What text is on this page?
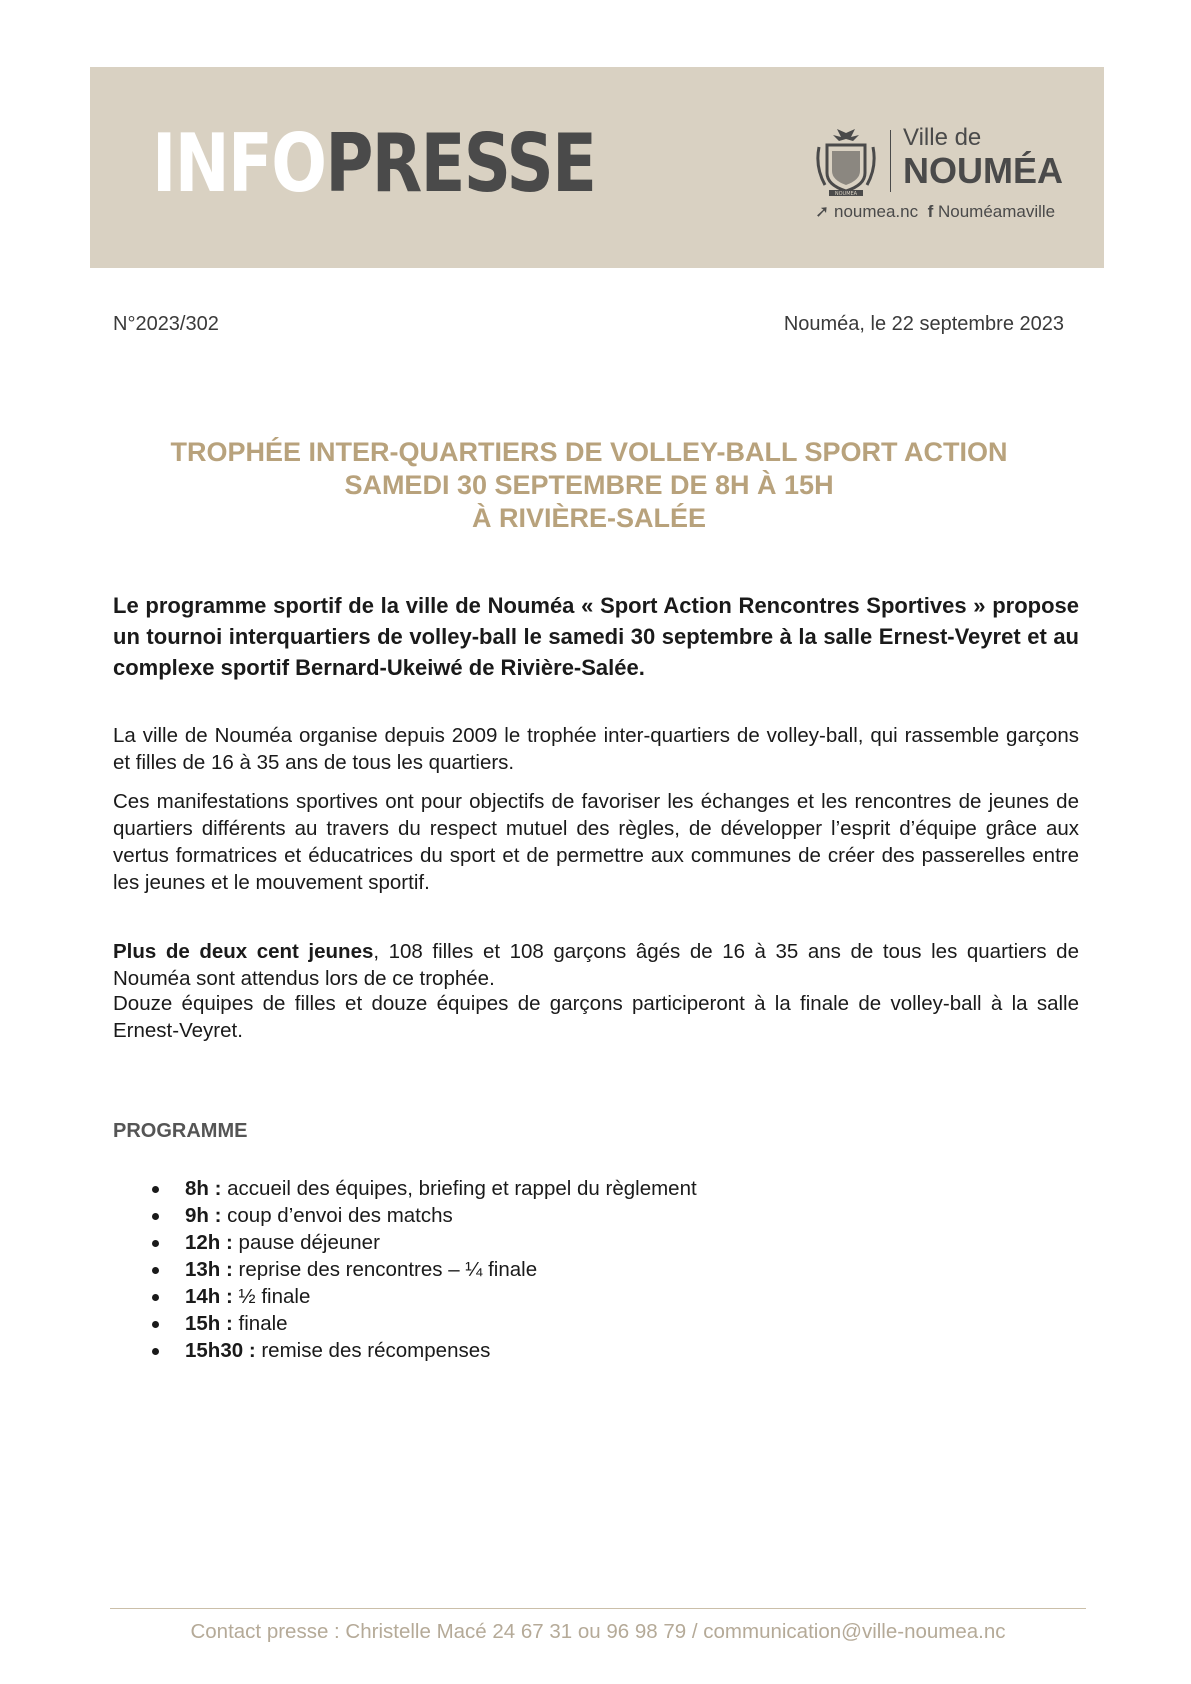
INFOPRESSE	NOUMEA
Ville de
NOUMÉA
➚ noumea.nc f Nouméamaville
N°2023/302	Nouméa, le 22 septembre 2023
TROPHÉE INTER-QUARTIERS DE VOLLEY-BALL SPORT ACTION
SAMEDI 30 SEPTEMBRE DE 8H À 15H
À RIVIÈRE-SALÉE
Le programme sportif de la ville de Nouméa « Sport Action Rencontres Sportives » propose un tournoi interquartiers de volley-ball le samedi 30 septembre à la salle Ernest-Veyret et au complexe sportif Bernard-Ukeiwé de Rivière-Salée.
La ville de Nouméa organise depuis 2009 le trophée inter-quartiers de volley-ball, qui rassemble garçons et filles de 16 à 35 ans de tous les quartiers.
Ces manifestations sportives ont pour objectifs de favoriser les échanges et les rencontres de jeunes de quartiers différents au travers du respect mutuel des règles, de développer l’esprit d’équipe grâce aux vertus formatrices et éducatrices du sport et de permettre aux communes de créer des passerelles entre les jeunes et le mouvement sportif.
Plus de deux cent jeunes, 108 filles et 108 garçons âgés de 16 à 35 ans de tous les quartiers de Nouméa sont attendus lors de ce trophée.
Douze équipes de filles et douze équipes de garçons participeront à la finale de volley-ball à la salle Ernest-Veyret.
PROGRAMME
8h : accueil des équipes, briefing et rappel du règlement
9h : coup d’envoi des matchs
12h : pause déjeuner
13h : reprise des rencontres – ¼ finale
14h : ½ finale
15h : finale
15h30 : remise des récompenses
Contact presse : Christelle Macé 24 67 31 ou 96 98 79 / communication@ville-noumea.nc
